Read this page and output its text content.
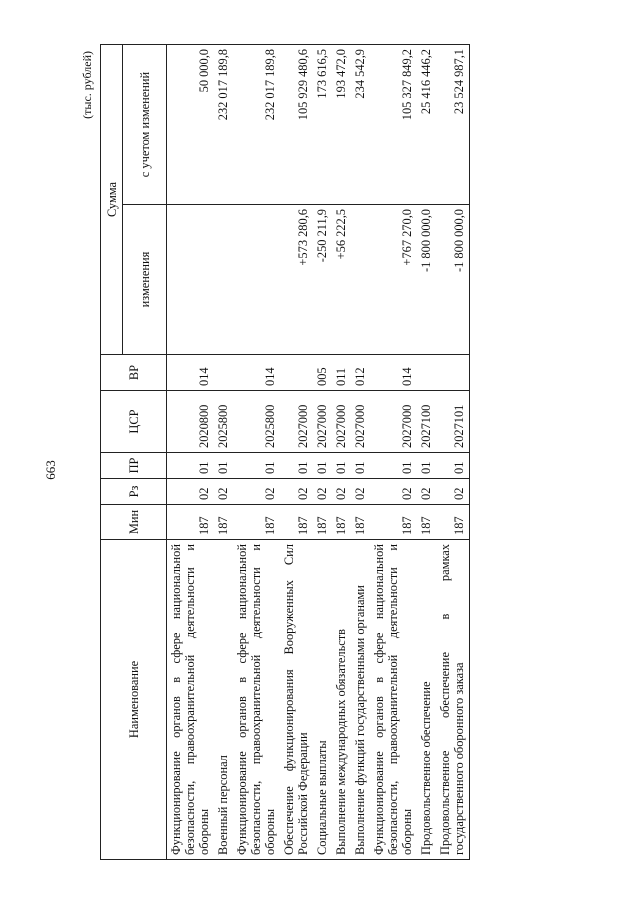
663
(тыс. рублей)
Наименование	Мин	Рз	ПР	ЦСР	ВР	Сумма	
						изменения	с учетом изменений
Функционирование органов в сфере национальной безопасности, правоохранительной деятельности и обороны	187	02	01	2020800	014		50 000,0
Военный персонал	187	02	01	2025800			232 017 189,8
Функционирование органов в сфере национальной безопасности, правоохранительной деятельности и обороны	187	02	01	2025800	014		232 017 189,8
Обеспечение функционирования Вооруженных Сил Российской Федерации	187	02	01	2027000		+573 280,6	105 929 480,6
Социальные выплаты	187	02	01	2027000	005	-250 211,9	173 616,5
Выполнение международных обязательств	187	02	01	2027000	011	+56 222,5	193 472,0
Выполнение функций государственными органами	187	02	01	2027000	012		234 542,9
Функционирование органов в сфере национальной безопасности, правоохранительной деятельности и обороны	187	02	01	2027000	014	+767 270,0	105 327 849,2
Продовольственное обеспечение	187	02	01	2027100		-1 800 000,0	25 416 446,2
Продовольственное обеспечение в рамках государственного оборонного заказа	187	02	01	2027101		-1 800 000,0	23 524 987,1
